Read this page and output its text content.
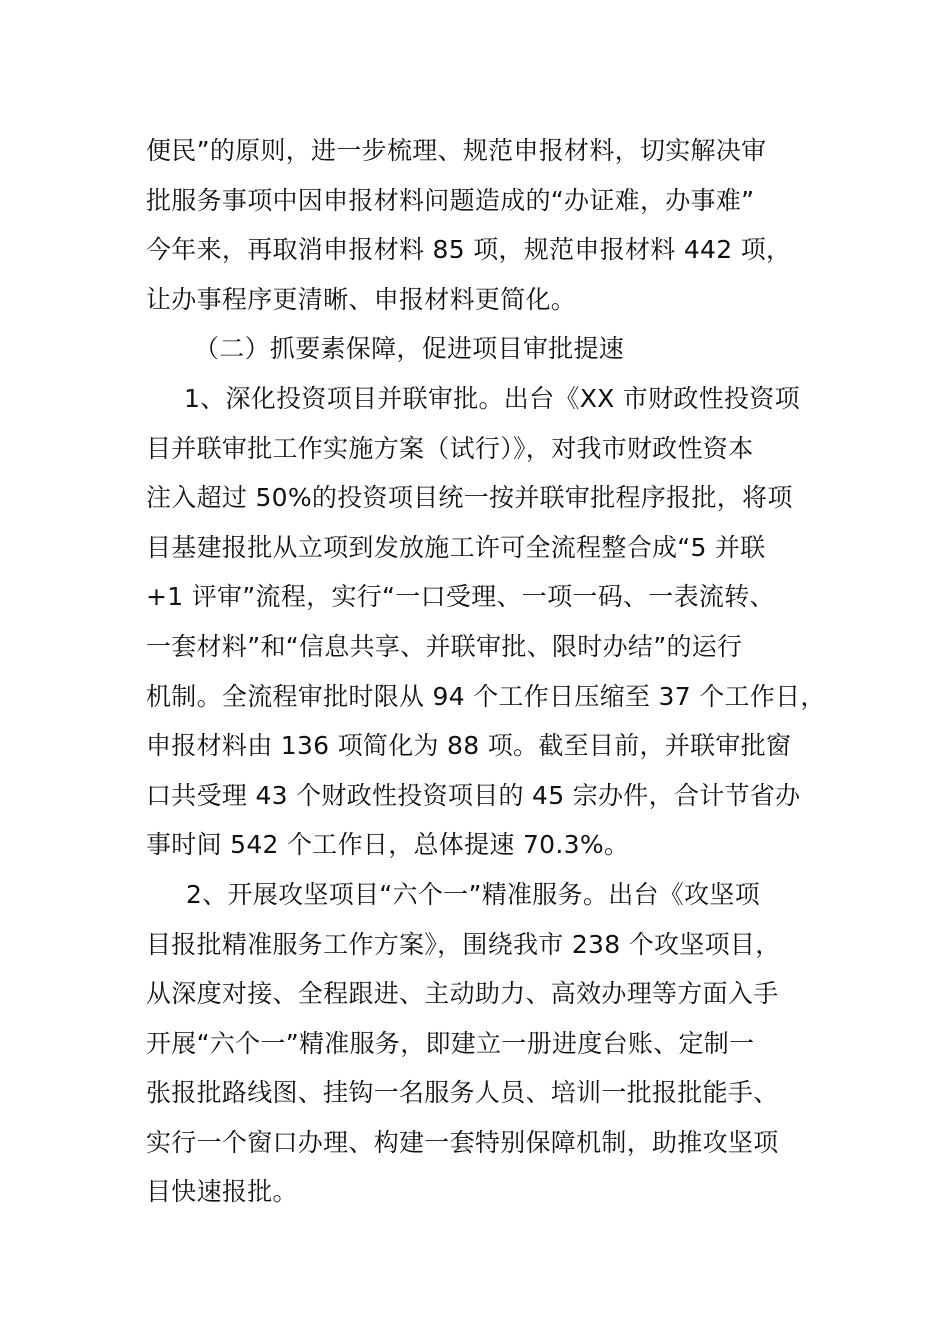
便民”的原则，进一步梳理、规范申报材料，切实解决审
批服务事项中因申报材料问题造成的“办证难，办事难”
今年来，再取消申报材料 85 项，规范申报材料 442 项，
让办事程序更清晰、申报材料更简化。
（二）抓要素保障，促进项目审批提速
1、深化投资项目并联审批。出台《XX 市财政性投资项
目并联审批工作实施方案（试行）》，对我市财政性资本
注入超过 50%的投资项目统一按并联审批程序报批，将项
目基建报批从立项到发放施工许可全流程整合成“5 并联
+1 评审”流程，实行“一口受理、一项一码、一表流转、
一套材料”和“信息共享、并联审批、限时办结”的运行
机制。全流程审批时限从 94 个工作日压缩至 37 个工作日，
申报材料由 136 项简化为 88 项。截至目前，并联审批窗
口共受理 43 个财政性投资项目的 45 宗办件，合计节省办
事时间 542 个工作日，总体提速 70.3%。
2、开展攻坚项目“六个一”精准服务。出台《攻坚项
目报批精准服务工作方案》，围绕我市 238 个攻坚项目，
从深度对接、全程跟进、主动助力、高效办理等方面入手
开展“六个一”精准服务，即建立一册进度台账、定制一
张报批路线图、挂钩一名服务人员、培训一批报批能手、
实行一个窗口办理、构建一套特别保障机制，助推攻坚项
目快速报批。
